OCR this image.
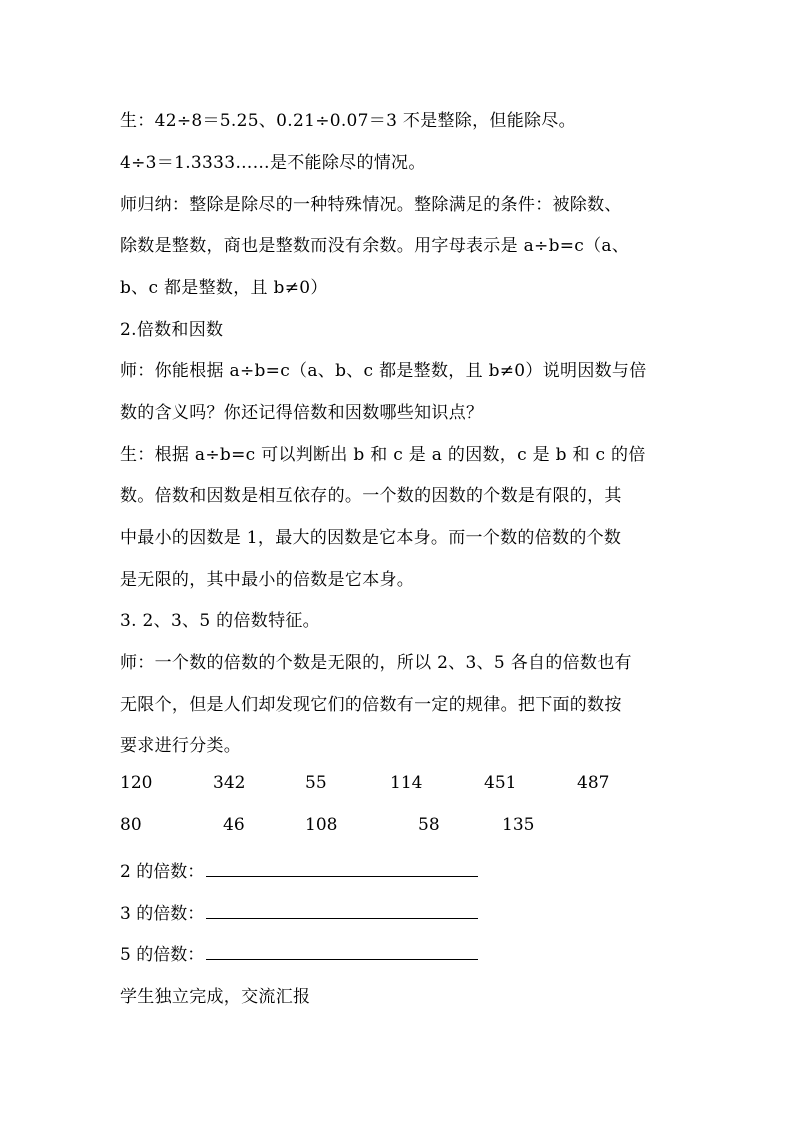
生：42÷8＝5.25、0.21÷0.07＝3 不是整除，但能除尽。
4÷3＝1.3333……是不能除尽的情况。
师归纳：整除是除尽的一种特殊情况。整除满足的条件：被除数、
除数是整数，商也是整数而没有余数。用字母表示是 a÷b=c（a、
b、c 都是整数，且 b≠0）
2.倍数和因数
师：你能根据 a÷b=c（a、b、c 都是整数，且 b≠0）说明因数与倍
数的含义吗？你还记得倍数和因数哪些知识点？
生：根据 a÷b=c 可以判断出 b 和 c 是 a 的因数，c 是 b 和 c 的倍
数。倍数和因数是相互依存的。一个数的因数的个数是有限的，其
中最小的因数是 1，最大的因数是它本身。而一个数的倍数的个数
是无限的，其中最小的倍数是它本身。
3. 2、3、5 的倍数特征。
师：一个数的倍数的个数是无限的，所以 2、3、5 各自的倍数也有
无限个，但是人们却发现它们的倍数有一定的规律。把下面的数按
要求进行分类。
120	342	55	114	451	487
80	46	108	58	135
2 的倍数：
3 的倍数：
5 的倍数：
学生独立完成，交流汇报
